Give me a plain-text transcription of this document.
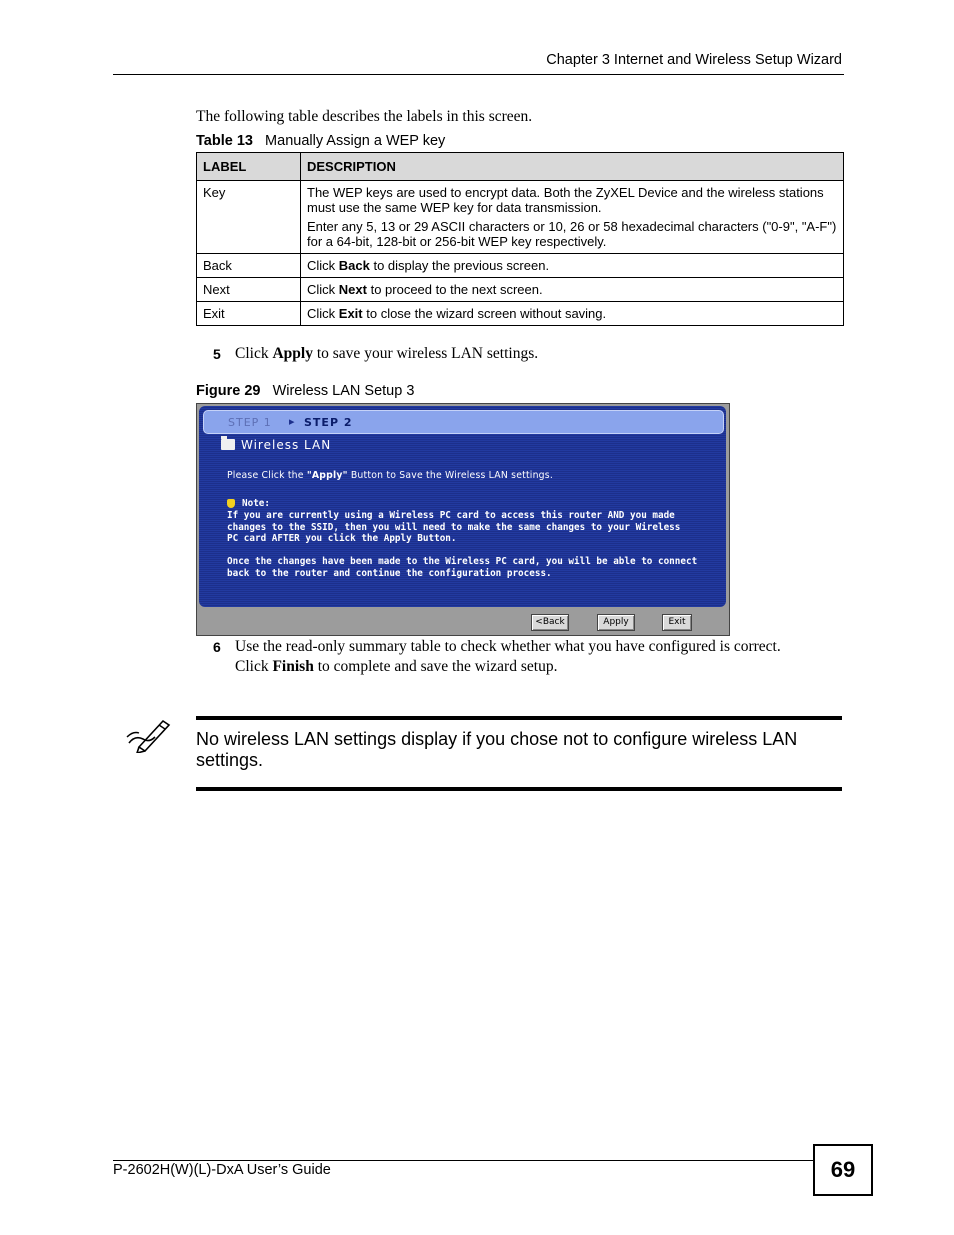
Chapter 3 Internet and Wireless Setup Wizard
The following table describes the labels in this screen.
Table 13 Manually Assign a WEP key
LABEL	DESCRIPTION
Key	The WEP keys are used to encrypt data. Both the ZyXEL Device and the wireless stations must use the same WEP key for data transmission.

Enter any 5, 13 or 29 ASCII characters or 10, 26 or 58 hexadecimal characters ("0-9", "A-F") for a 64-bit, 128-bit or 256-bit WEP key respectively.

Back	Click Back to display the previous screen.
Next	Click Next to proceed to the next screen.
Exit	Click Exit to close the wizard screen without saving.
5 Click Apply to save your wireless LAN settings.
Figure 29 Wireless LAN Setup 3
STEP 1 ▸ STEP 2
Wireless LAN
Please Click the "Apply" Button to Save the Wireless LAN settings.
Note:
If you are currently using a Wireless PC card to access this router AND you made
changes to the SSID, then you will need to make the same changes to your Wireless
PC card AFTER you click the Apply Button.
Once the changes have been made to the Wireless PC card, you will be able to connect
back to the router and continue the configuration process.
<Back	Apply	Exit
6 Use the read-only summary table to check whether what you have configured is correct.
Click Finish to complete and save the wizard setup.
No wireless LAN settings display if you chose not to configure wireless LAN settings.
P-2602H(W)(L)-DxA User’s Guide	69
